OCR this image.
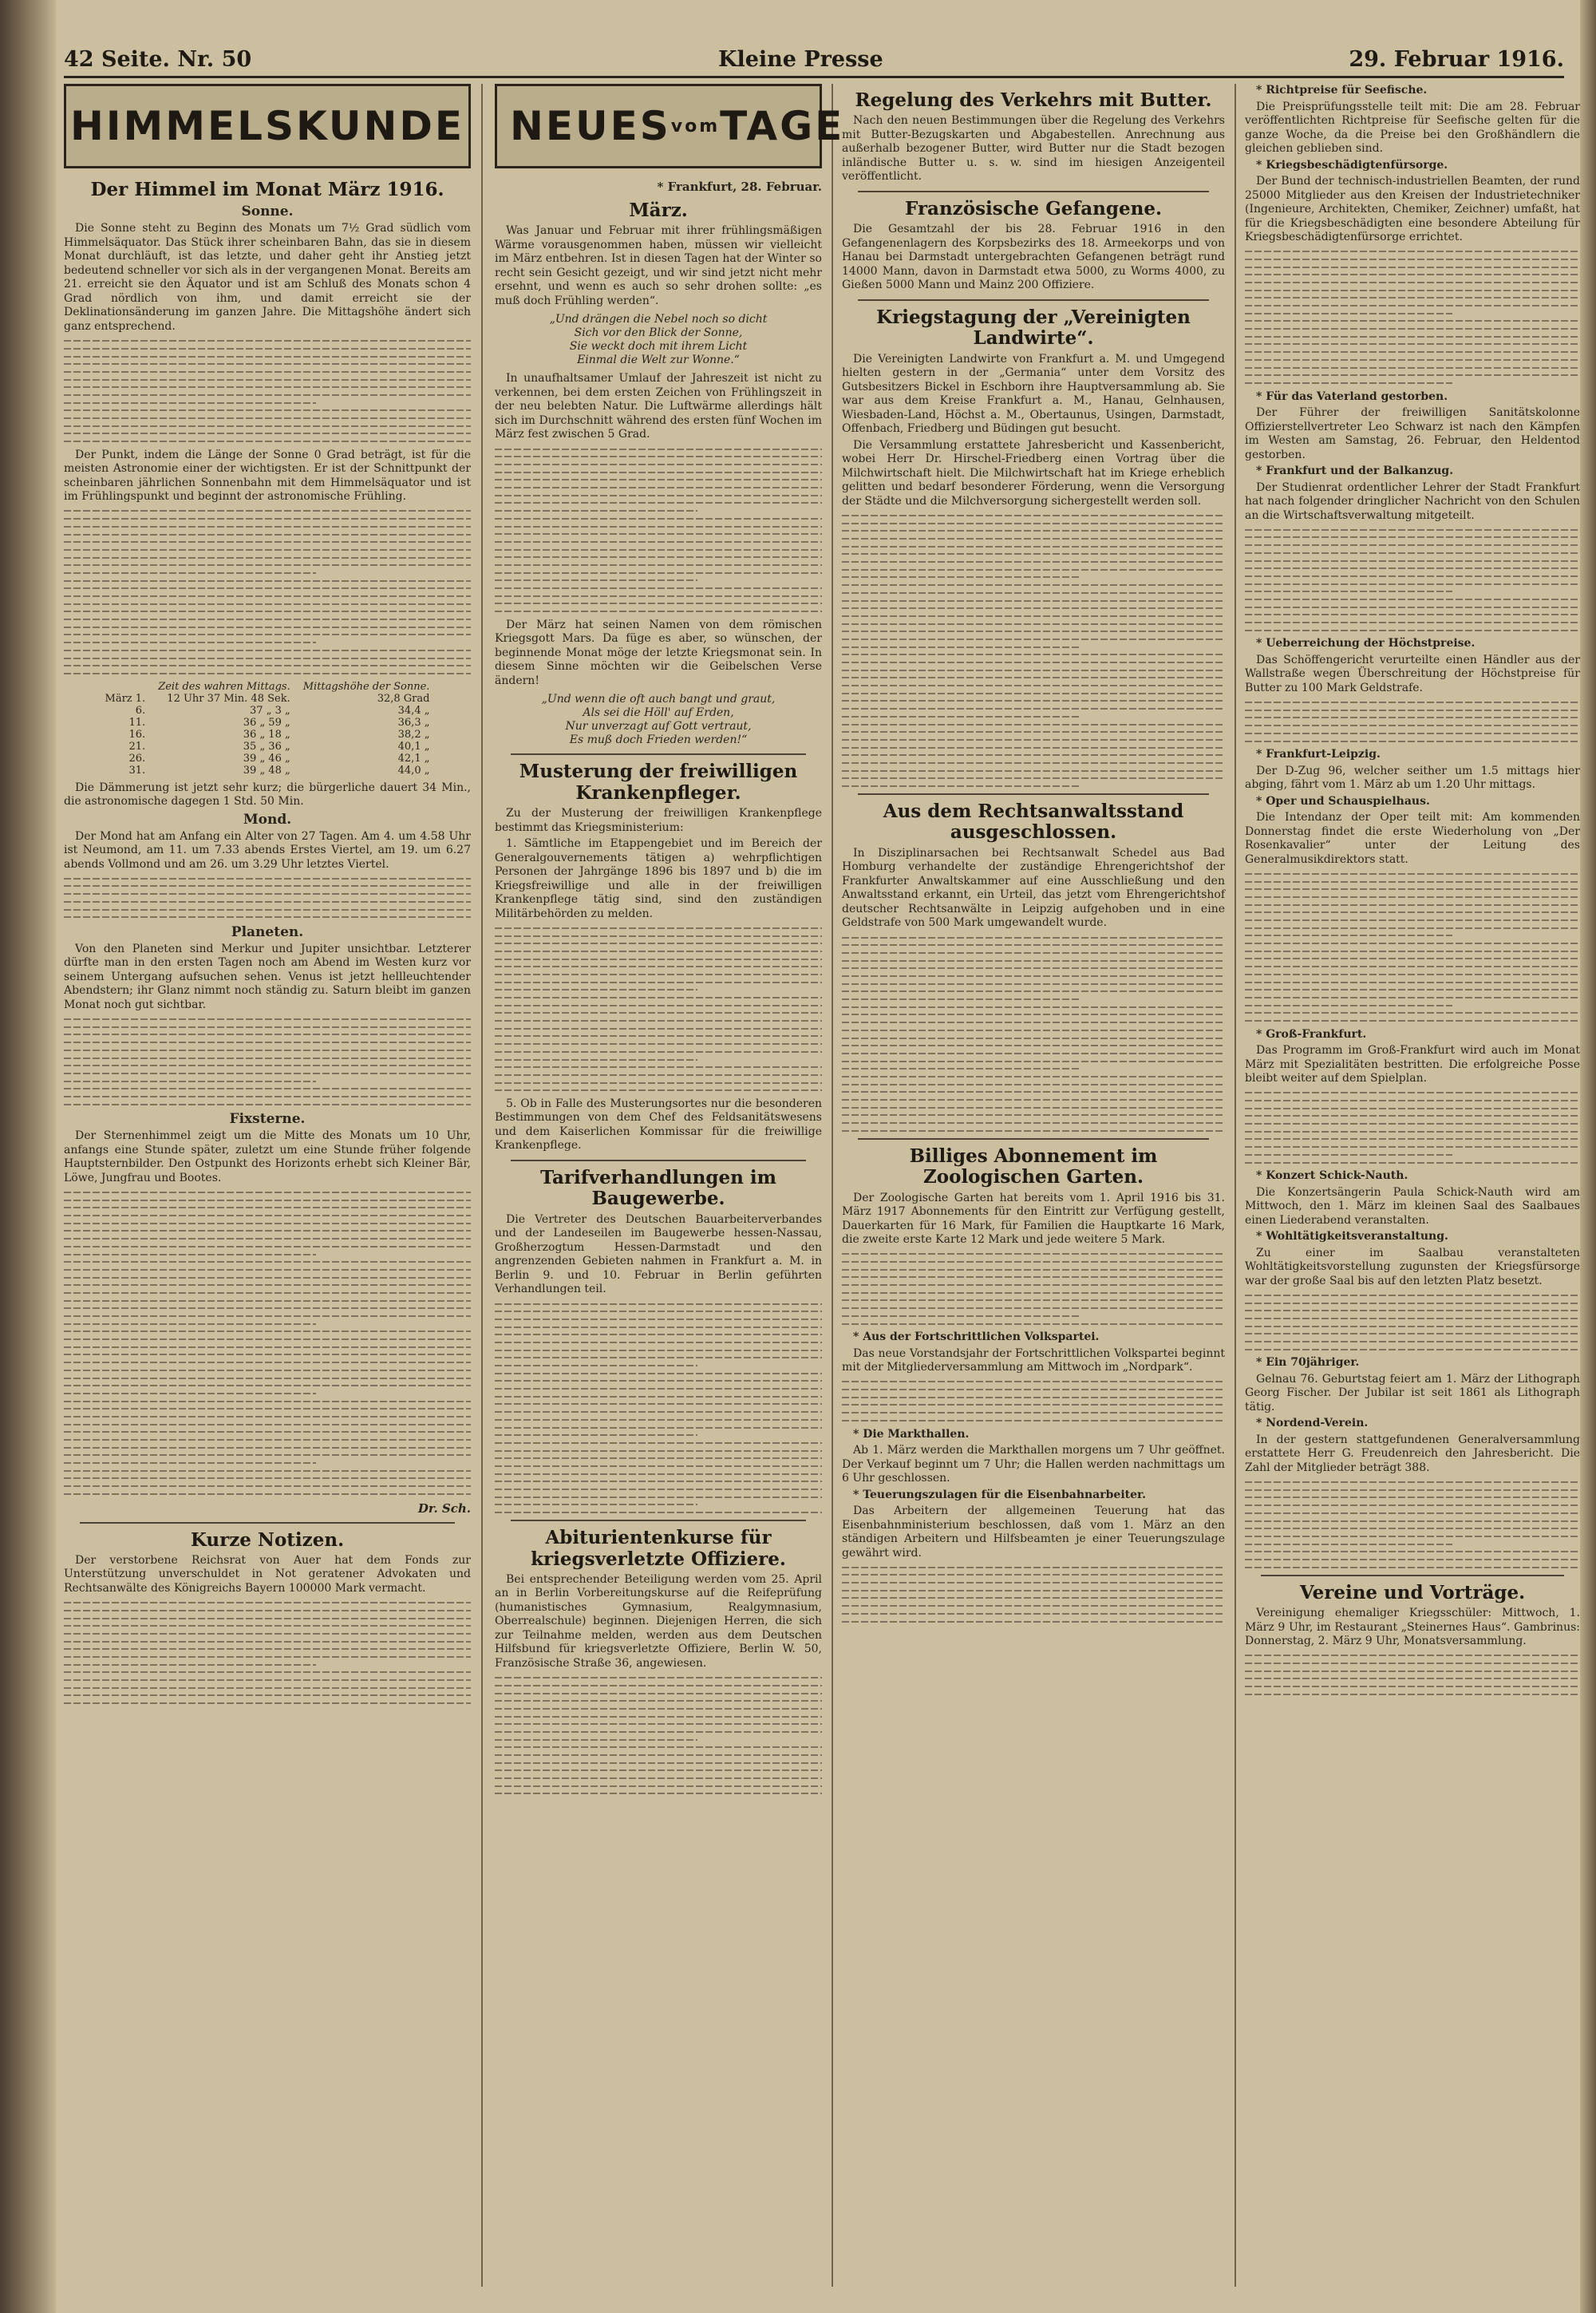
42 Seite. Nr. 50	Kleine Presse	29. Februar 1916.
HIMMELSKUNDE
Der Himmel im Monat März 1916.
Sonne.

Die Sonne steht zu Beginn des Monats um 7½ Grad südlich vom Himmelsäquator. Das Stück ihrer scheinbaren Bahn, das sie in diesem Monat durchläuft, ist das letzte, und daher geht ihr Anstieg jetzt bedeutend schneller vor sich als in der vergangenen Monat. Bereits am 21. erreicht sie den Äquator und ist am Schluß des Monats schon 4 Grad nördlich von ihm, und damit erreicht sie der Deklinationsänderung im ganzen Jahre. Die Mittagshöhe ändert sich ganz entsprechend.

Der Punkt, indem die Länge der Sonne 0 Grad beträgt, ist für die meisten Astronomie einer der wichtigsten. Er ist der Schnittpunkt der scheinbaren jährlichen Sonnenbahn mit dem Himmelsäquator und ist im Frühlingspunkt und beginnt der astronomische Frühling.

	Zeit des wahren Mittags.	Mittagshöhe der Sonne.
März 1.	12 Uhr 37 Min. 48 Sek.	32,8 Grad
6.	37 „ 3 „	34,4 „
11.	36 „ 59 „	36,3 „
16.	36 „ 18 „	38,2 „
21.	35 „ 36 „	40,1 „
26.	39 „ 46 „	42,1 „
31.	39 „ 48 „	44,0 „

Die Dämmerung ist jetzt sehr kurz; die bürgerliche dauert 34 Min., die astronomische dagegen 1 Std. 50 Min.

Mond.

Der Mond hat am Anfang ein Alter von 27 Tagen. Am 4. um 4.58 Uhr ist Neumond, am 11. um 7.33 abends Erstes Viertel, am 19. um 6.27 abends Vollmond und am 26. um 3.29 Uhr letztes Viertel.

Planeten.

Von den Planeten sind Merkur und Jupiter unsichtbar. Letzterer dürfte man in den ersten Tagen noch am Abend im Westen kurz vor seinem Untergang aufsuchen sehen. Venus ist jetzt hellleuchtender Abendstern; ihr Glanz nimmt noch ständig zu. Saturn bleibt im ganzen Monat noch gut sichtbar.

Fixsterne.

Der Sternenhimmel zeigt um die Mitte des Monats um 10 Uhr, anfangs eine Stunde später, zuletzt um eine Stunde früher folgende Hauptsternbilder. Den Ostpunkt des Horizonts erhebt sich Kleiner Bär, Löwe, Jungfrau und Bootes.

Dr. Sch.
Kurze Notizen.

Der verstorbene Reichsrat von Auer hat dem Fonds zur Unterstützung unverschuldet in Not geratener Advokaten und Rechtsanwälte des Königreichs Bayern 100000 Mark vermacht.

NEUES vom TAGE
* Frankfurt, 28. Februar.
März.

Was Januar und Februar mit ihrer frühlingsmäßigen Wärme vorausgenommen haben, müssen wir vielleicht im März entbehren. Ist in diesen Tagen hat der Winter so recht sein Gesicht gezeigt, und wir sind jetzt nicht mehr ersehnt, und wenn es auch so sehr drohen sollte: „es muß doch Frühling werden“.

„Und drängen die Nebel noch so dicht
Sich vor den Blick der Sonne,
Sie weckt doch mit ihrem Licht
Einmal die Welt zur Wonne.“

In unaufhaltsamer Umlauf der Jahreszeit ist nicht zu verkennen, bei dem ersten Zeichen von Frühlingszeit in der neu belebten Natur. Die Luftwärme allerdings hält sich im Durchschnitt während des ersten fünf Wochen im März fest zwischen 5 Grad.

Der März hat seinen Namen von dem römischen Kriegsgott Mars. Da füge es aber, so wünschen, der beginnende Monat möge der letzte Kriegsmonat sein. In diesem Sinne möchten wir die Geibelschen Verse ändern!

„Und wenn die oft auch bangt und graut,
Als sei die Höll' auf Erden,
Nur unverzagt auf Gott vertraut,
Es muß doch Frieden werden!“
Musterung der freiwilligen Krankenpfleger.

Zu der Musterung der freiwilligen Krankenpflege bestimmt das Kriegsministerium:

1. Sämtliche im Etappengebiet und im Bereich der Generalgouvernements tätigen a) wehrpflichtigen Personen der Jahrgänge 1896 bis 1897 und b) die im Kriegsfreiwillige und alle in der freiwilligen Krankenpflege tätig sind, sind den zuständigen Militärbehörden zu melden.

5. Ob in Falle des Musterungsortes nur die besonderen Bestimmungen von dem Chef des Feldsanitätswesens und dem Kaiserlichen Kommissar für die freiwillige Krankenpflege.

Tarifverhandlungen im Baugewerbe.

Die Vertreter des Deutschen Bauarbeiterverbandes und der Landeseilen im Baugewerbe hessen-Nassau, Großherzogtum Hessen-Darmstadt und den angrenzenden Gebieten nahmen in Frankfurt a. M. in Berlin 9. und 10. Februar in Berlin geführten Verhandlungen teil.

Abiturientenkurse für kriegsverletzte Offiziere.

Bei entsprechender Beteiligung werden vom 25. April an in Berlin Vorbereitungskurse auf die Reifeprüfung (humanistisches Gymnasium, Realgymnasium, Oberrealschule) beginnen. Diejenigen Herren, die sich zur Teilnahme melden, werden aus dem Deutschen Hilfsbund für kriegsverletzte Offiziere, Berlin W. 50, Französische Straße 36, angewiesen.

Regelung des Verkehrs mit Butter.

Nach den neuen Bestimmungen über die Regelung des Verkehrs mit Butter-Bezugskarten und Abgabestellen. Anrechnung aus außerhalb bezogener Butter, wird Butter nur die Stadt bezogen inländische Butter u. s. w. sind im hiesigen Anzeigenteil veröffentlicht.

Französische Gefangene.

Die Gesamtzahl der bis 28. Februar 1916 in den Gefangenenlagern des Korpsbezirks des 18. Armeekorps und von Hanau bei Darmstadt untergebrachten Gefangenen beträgt rund 14000 Mann, davon in Darmstadt etwa 5000, zu Worms 4000, zu Gießen 5000 Mann und Mainz 200 Offiziere.

Kriegstagung der „Vereinigten Landwirte“.

Die Vereinigten Landwirte von Frankfurt a. M. und Umgegend hielten gestern in der „Germania“ unter dem Vorsitz des Gutsbesitzers Bickel in Eschborn ihre Hauptversammlung ab. Sie war aus dem Kreise Frankfurt a. M., Hanau, Gelnhausen, Wiesbaden-Land, Höchst a. M., Obertaunus, Usingen, Darmstadt, Offenbach, Friedberg und Büdingen gut besucht.

Die Versammlung erstattete Jahresbericht und Kassenbericht, wobei Herr Dr. Hirschel-Friedberg einen Vortrag über die Milchwirtschaft hielt. Die Milchwirtschaft hat im Kriege erheblich gelitten und bedarf besonderer Förderung, wenn die Versorgung der Städte und die Milchversorgung sichergestellt werden soll.

Aus dem Rechtsanwaltsstand ausgeschlossen.

In Disziplinarsachen bei Rechtsanwalt Schedel aus Bad Homburg verhandelte der zuständige Ehrengerichtshof der Frankfurter Anwaltskammer auf eine Ausschließung und den Anwaltsstand erkannt, ein Urteil, das jetzt vom Ehrengerichtshof deutscher Rechtsanwälte in Leipzig aufgehoben und in eine Geldstrafe von 500 Mark umgewandelt wurde.

Billiges Abonnement im Zoologischen Garten.

Der Zoologische Garten hat bereits vom 1. April 1916 bis 31. März 1917 Abonnements für den Eintritt zur Verfügung gestellt, Dauerkarten für 16 Mark, für Familien die Hauptkarte 16 Mark, die zweite erste Karte 12 Mark und jede weitere 5 Mark.

* Aus der Fortschrittlichen Volkspartei.

Das neue Vorstandsjahr der Fortschrittlichen Volkspartei beginnt mit der Mitgliederversammlung am Mittwoch im „Nordpark“.

* Die Markthallen.

Ab 1. März werden die Markthallen morgens um 7 Uhr geöffnet. Der Verkauf beginnt um 7 Uhr; die Hallen werden nachmittags um 6 Uhr geschlossen.

* Teuerungszulagen für die Eisenbahnarbeiter.

Das Arbeitern der allgemeinen Teuerung hat das Eisenbahnministerium beschlossen, daß vom 1. März an den ständigen Arbeitern und Hilfsbeamten je einer Teuerungszulage gewährt wird.

* Richtpreise für Seefische.

Die Preisprüfungsstelle teilt mit: Die am 28. Februar veröffentlichten Richtpreise für Seefische gelten für die ganze Woche, da die Preise bei den Großhändlern die gleichen geblieben sind.

* Kriegsbeschädigtenfürsorge.

Der Bund der technisch-industriellen Beamten, der rund 25000 Mitglieder aus den Kreisen der Industrietechniker (Ingenieure, Architekten, Chemiker, Zeichner) umfaßt, hat für die Kriegsbeschädigten eine besondere Abteilung für Kriegsbeschädigtenfürsorge errichtet.

* Für das Vaterland gestorben.

Der Führer der freiwilligen Sanitätskolonne Offizierstellvertreter Leo Schwarz ist nach den Kämpfen im Westen am Samstag, 26. Februar, den Heldentod gestorben.

* Frankfurt und der Balkanzug.

Der Studienrat ordentlicher Lehrer der Stadt Frankfurt hat nach folgender dringlicher Nachricht von den Schulen an die Wirtschaftsverwaltung mitgeteilt.

* Ueberreichung der Höchstpreise.

Das Schöffengericht verurteilte einen Händler aus der Wallstraße wegen Überschreitung der Höchstpreise für Butter zu 100 Mark Geldstrafe.

* Frankfurt-Leipzig.

Der D-Zug 96, welcher seither um 1.5 mittags hier abging, fährt vom 1. März ab um 1.20 Uhr mittags.

* Oper und Schauspielhaus.

Die Intendanz der Oper teilt mit: Am kommenden Donnerstag findet die erste Wiederholung von „Der Rosenkavalier“ unter der Leitung des Generalmusikdirektors statt.

* Groß-Frankfurt.

Das Programm im Groß-Frankfurt wird auch im Monat März mit Spezialitäten bestritten. Die erfolgreiche Posse bleibt weiter auf dem Spielplan.

* Konzert Schick-Nauth.

Die Konzertsängerin Paula Schick-Nauth wird am Mittwoch, den 1. März im kleinen Saal des Saalbaues einen Liederabend veranstalten.

* Wohltätigkeitsveranstaltung.

Zu einer im Saalbau veranstalteten Wohltätigkeitsvorstellung zugunsten der Kriegsfürsorge war der große Saal bis auf den letzten Platz besetzt.

* Ein 70jähriger.

Gelnau 76. Geburtstag feiert am 1. März der Lithograph Georg Fischer. Der Jubilar ist seit 1861 als Lithograph tätig.

* Nordend-Verein.

In der gestern stattgefundenen Generalversammlung erstattete Herr G. Freudenreich den Jahresbericht. Die Zahl der Mitglieder beträgt 388.

Vereine und Vorträge.

Vereinigung ehemaliger Kriegsschüler: Mittwoch, 1. März 9 Uhr, im Restaurant „Steinernes Haus“. Gambrinus: Donnerstag, 2. März 9 Uhr, Monatsversammlung.
